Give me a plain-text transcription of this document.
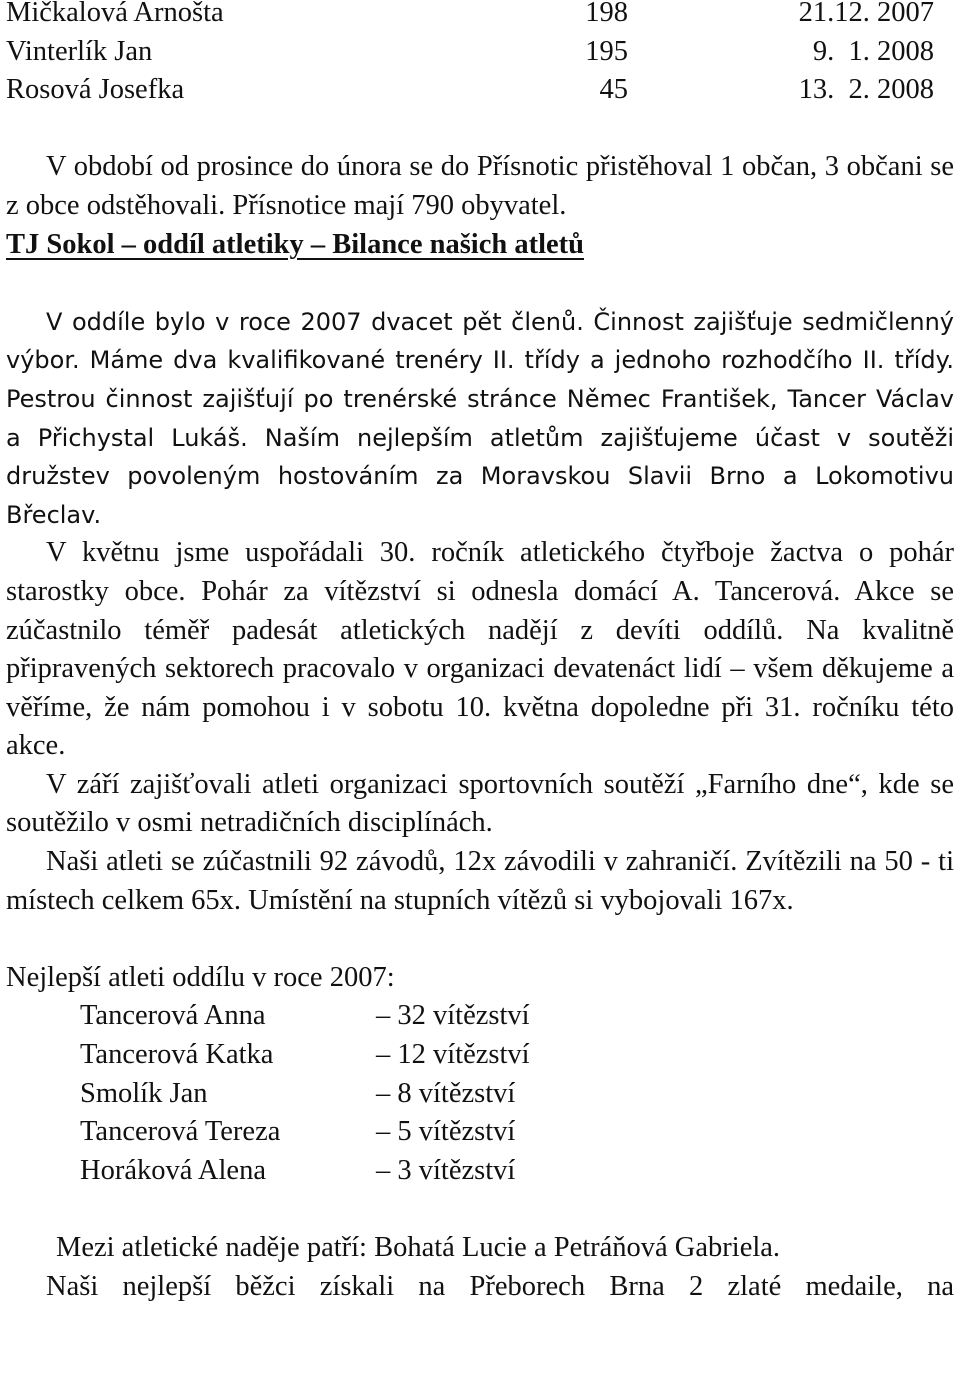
Mičkalová Arnošta	198	21.12. 2007
Vinterlík Jan	195	9.  1. 2008
Rosová Josefka	45	13.  2. 2008

V období od prosince do února se do Přísnotic přistěhoval 1 občan, 3 občani se z obce odstěhovali. Přísnotice mají 790 obyvatel.

TJ Sokol – oddíl atletiky – Bilance našich atletů

V oddíle bylo v roce 2007 dvacet pět členů. Činnost zajišťuje sedmičlenný výbor. Máme dva kvalifikované trenéry II. třídy a jednoho rozhodčího II. třídy. Pestrou činnost zajišťují po trenérské stránce Němec František, Tancer Václav a Přichystal Lukáš. Naším nejlepším atletům zajišťujeme účast v soutěži družstev povoleným hostováním za Moravskou Slavii Brno a Lokomotivu Břeclav.

V květnu jsme uspořádali 30. ročník atletického čtyřboje žactva o pohár starostky obce. Pohár za vítězství si odnesla domácí A. Tancerová. Akce se zúčastnilo téměř padesát atletických nadějí z devíti oddílů. Na kvalitně připravených sektorech pracovalo v organizaci devatenáct lidí – všem děkujeme a věříme, že nám pomohou i v sobotu 10. května dopoledne při 31. ročníku této akce.

V září zajišťovali atleti organizaci sportovních soutěží „Farního dne“, kde se soutěžilo v osmi netradičních disciplínách.

Naši atleti se zúčastnili 92 závodů, 12x závodili v zahraničí. Zvítězili na 50 - ti místech celkem 65x. Umístění na stupních vítězů si vybojovali 167x.

Nejlepší atleti oddílu v roce 2007:

Tancerová Anna	– 32 vítězství
Tancerová Katka	– 12 vítězství
Smolík Jan	– 8 vítězství
Tancerová Tereza	– 5 vítězství
Horáková Alena	– 3 vítězství

Mezi atletické naděje patří: Bohatá Lucie a Petráňová Gabriela.

Naši nejlepší běžci získali na Přeborech Brna 2 zlaté medaile, na
